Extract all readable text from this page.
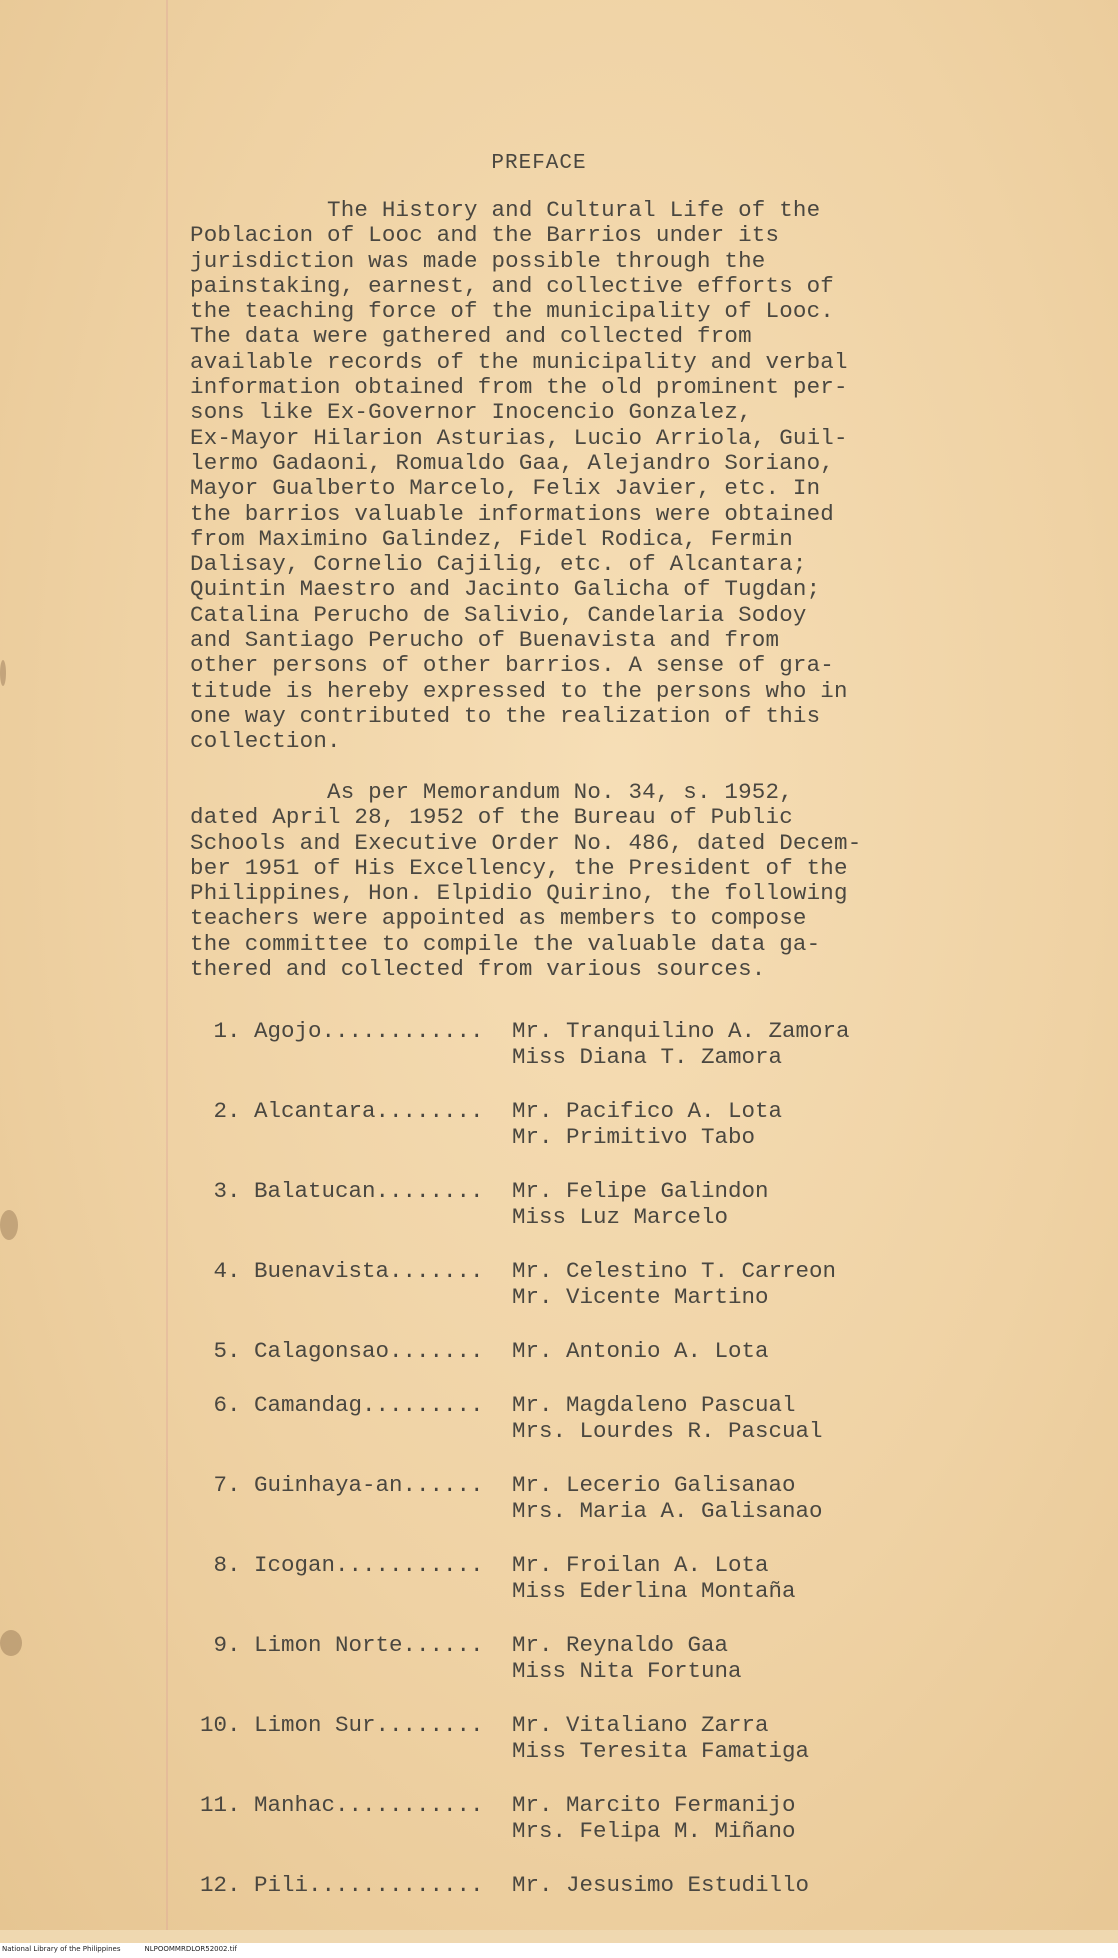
PREFACE

The History and Cultural Life of the
Poblacion of Looc and the Barrios under its
jurisdiction was made possible through the
painstaking, earnest, and collective efforts of
the teaching force of the municipality of Looc.
The data were gathered and collected from
available records of the municipality and verbal
information obtained from the old prominent per-
sons like Ex-Governor Inocencio Gonzalez,
Ex-Mayor Hilarion Asturias, Lucio Arriola, Guil-
lermo Gadaoni, Romualdo Gaa, Alejandro Soriano,
Mayor Gualberto Marcelo, Felix Javier, etc. In
the barrios valuable informations were obtained
from Maximino Galindez, Fidel Rodica, Fermin
Dalisay, Cornelio Cajilig, etc. of Alcantara;
Quintin Maestro and Jacinto Galicha of Tugdan;
Catalina Perucho de Salivio, Candelaria Sodoy
and Santiago Perucho of Buenavista and from
other persons of other barrios. A sense of gra-
titude is hereby expressed to the persons who in
one way contributed to the realization of this
collection.

As per Memorandum No. 34, s. 1952,
dated April 28, 1952 of the Bureau of Public
Schools and Executive Order No. 486, dated Decem-
ber 1951 of His Excellency, the President of the
Philippines, Hon. Elpidio Quirino, the following
teachers were appointed as members to compose
the committee to compile the valuable data ga-
thered and collected from various sources.

1. Agojo............ Mr. Tranquilino A. Zamora
Miss Diana T. Zamora
2. Alcantara........ Mr. Pacifico A. Lota
Mr. Primitivo Tabo
3. Balatucan........ Mr. Felipe Galindon
Miss Luz Marcelo
4. Buenavista....... Mr. Celestino T. Carreon
Mr. Vicente Martino
5. Calagonsao....... Mr. Antonio A. Lota
6. Camandag......... Mr. Magdaleno Pascual
Mrs. Lourdes R. Pascual
7. Guinhaya-an...... Mr. Lecerio Galisanao
Mrs. Maria A. Galisanao
8. Icogan........... Mr. Froilan A. Lota
Miss Ederlina Montaña
9. Limon Norte...... Mr. Reynaldo Gaa
Miss Nita Fortuna
10. Limon Sur........ Mr. Vitaliano Zarra
Miss Teresita Famatiga
11. Manhac........... Mr. Marcito Fermanijo
Mrs. Felipa M. Miñano
12. Pili............. Mr. Jesusimo Estudillo
National Library of the Philippines	NLPOOMMRDLOR52002.tif
